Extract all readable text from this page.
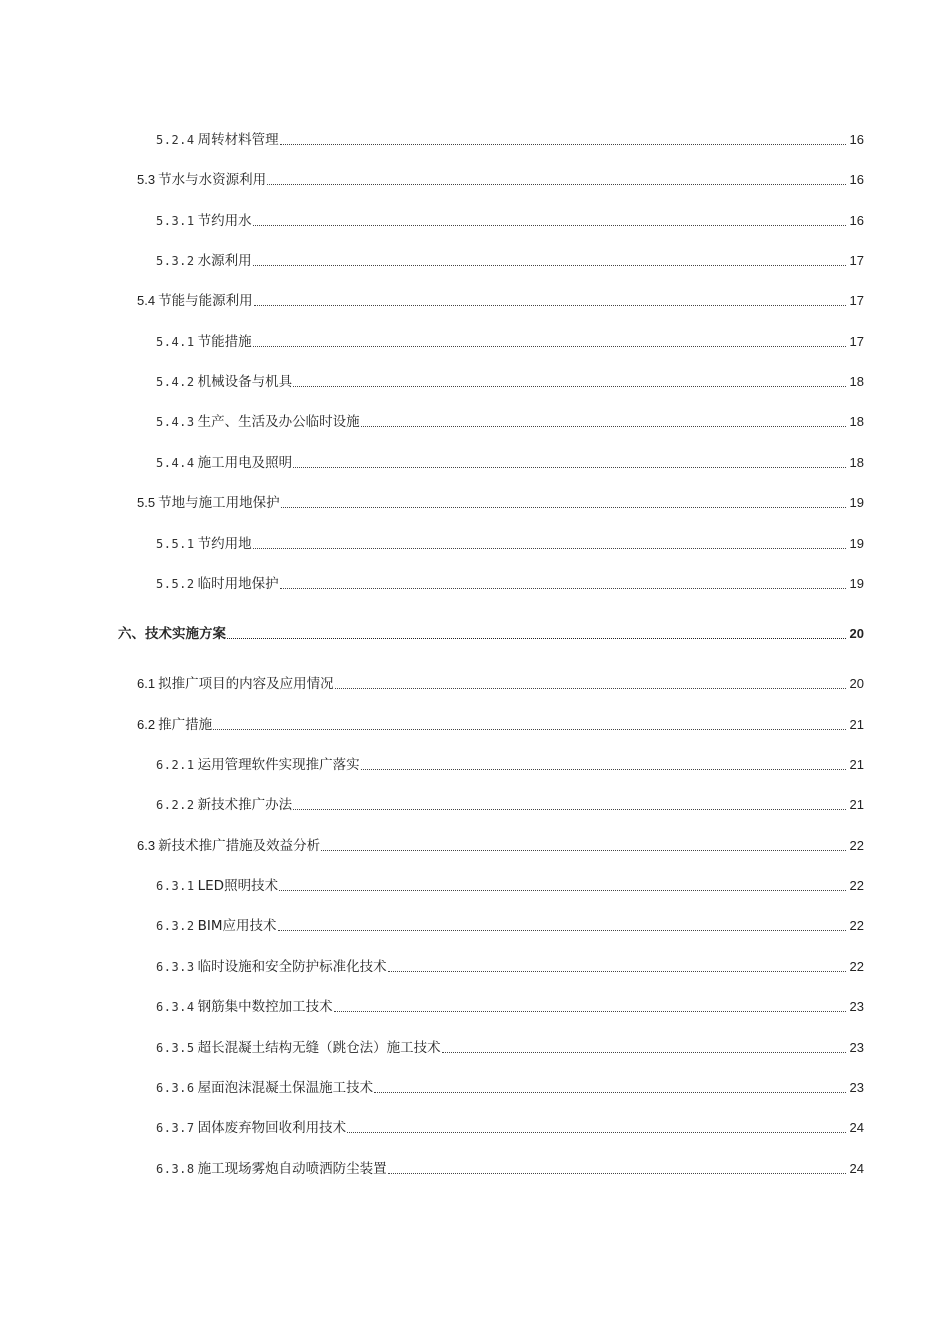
5.2.4 周转材料管理	16
5.3 节水与水资源利用	16
5.3.1 节约用水	16
5.3.2 水源利用	17
5.4 节能与能源利用	17
5.4.1 节能措施	17
5.4.2 机械设备与机具	18
5.4.3 生产、生活及办公临时设施	18
5.4.4 施工用电及照明	18
5.5 节地与施工用地保护	19
5.5.1 节约用地	19
5.5.2 临时用地保护	19
六、技术实施方案	20
6.1 拟推广项目的内容及应用情况	20
6.2 推广措施	21
6.2.1 运用管理软件实现推广落实	21
6.2.2 新技术推广办法	21
6.3 新技术推广措施及效益分析	22
6.3.1 LED照明技术	22
6.3.2 BIM应用技术	22
6.3.3 临时设施和安全防护标准化技术	22
6.3.4 钢筋集中数控加工技术	23
6.3.5 超长混凝土结构无缝（跳仓法）施工技术	23
6.3.6 屋面泡沫混凝土保温施工技术	23
6.3.7 固体废弃物回收利用技术	24
6.3.8 施工现场雾炮自动喷洒防尘装置	24
